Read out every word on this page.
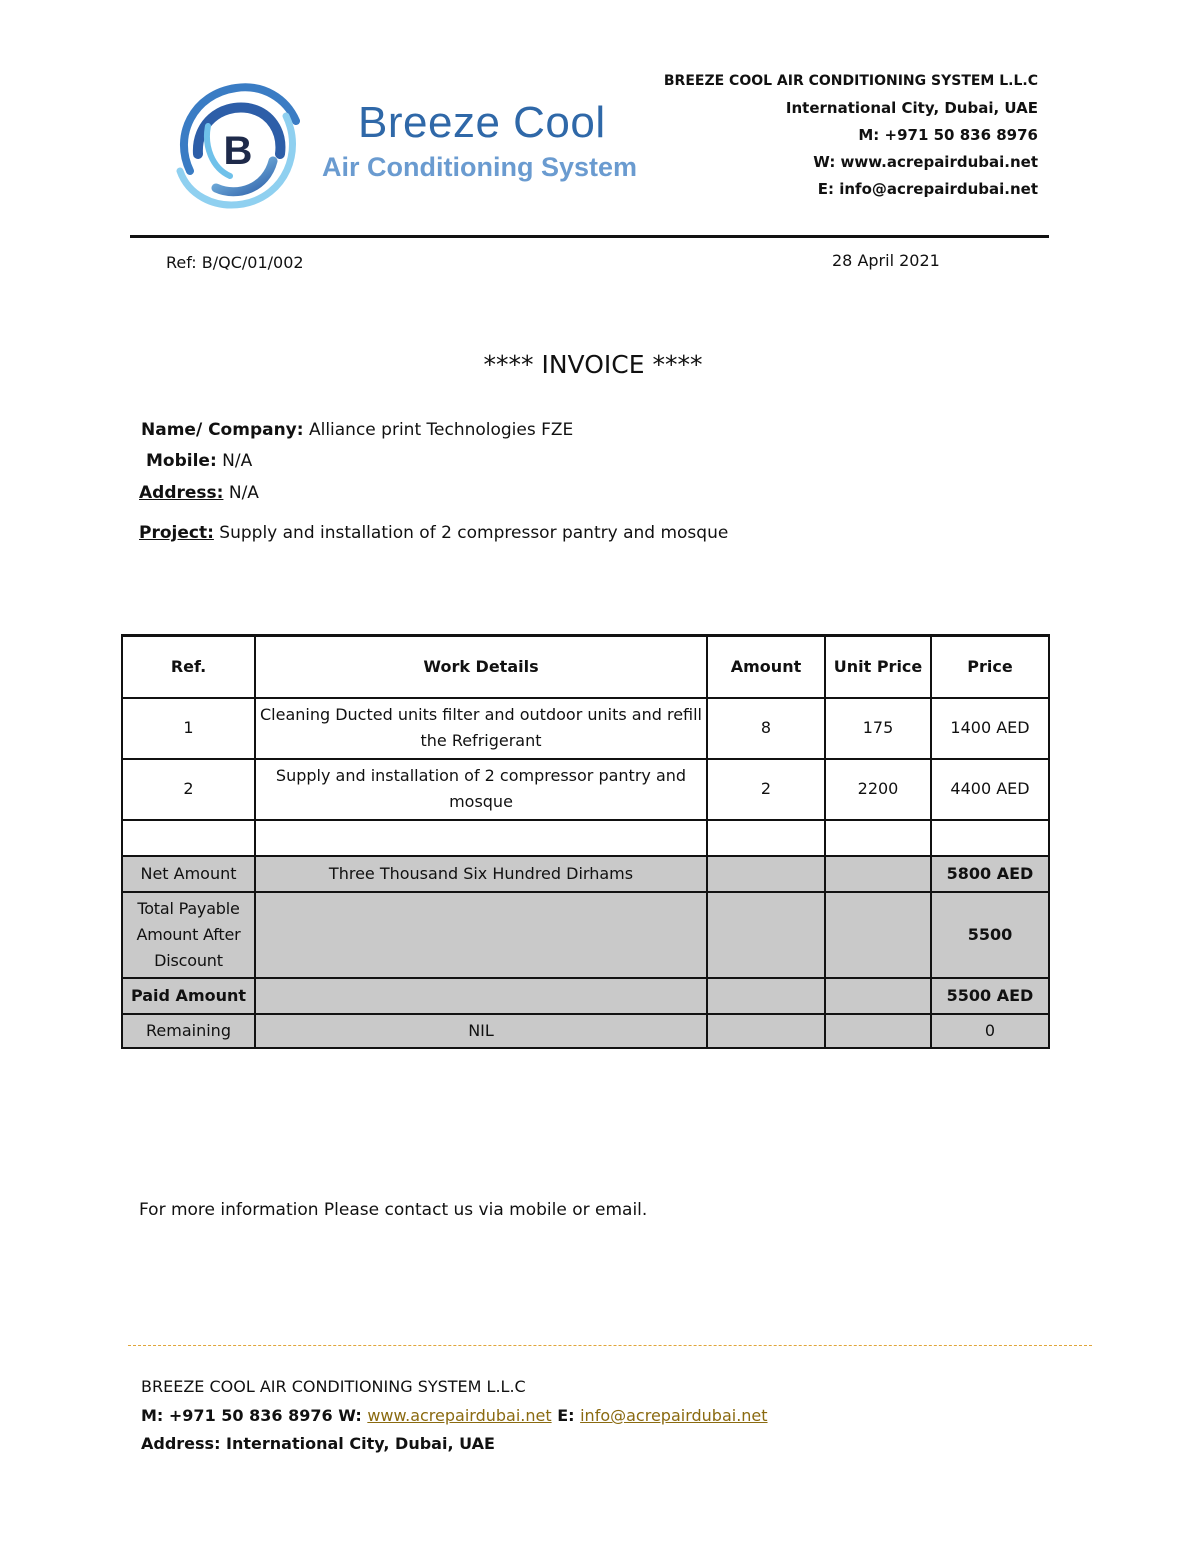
B
Breeze Cool
Air Conditioning System
BREEZE COOL AIR CONDITIONING SYSTEM L.L.C
International City, Dubai, UAE
M: +971 50 836 8976
W: www.acrepairdubai.net
E: info@acrepairdubai.net
Ref: B/QC/01/002	28 April 2021
**** INVOICE ****
Name/ Company: Alliance print Technologies FZE
Mobile: N/A
Address: N/A
Project: Supply and installation of 2 compressor pantry and mosque
Ref.	Work Details	Amount	Unit Price	Price
1	Cleaning Ducted units filter and outdoor units and refill the Refrigerant	8	175	1400 AED
2	Supply and installation of 2 compressor pantry and mosque	2	2200	4400 AED

Net Amount	Three Thousand Six Hundred Dirhams			5800 AED
Total Payable Amount After Discount				5500
Paid Amount				5500 AED
Remaining	NIL			0
For more information Please contact us via mobile or email.
BREEZE COOL AIR CONDITIONING SYSTEM L.L.C
M: +971 50 836 8976 W: www.acrepairdubai.net E: info@acrepairdubai.net
Address: International City, Dubai, UAE
